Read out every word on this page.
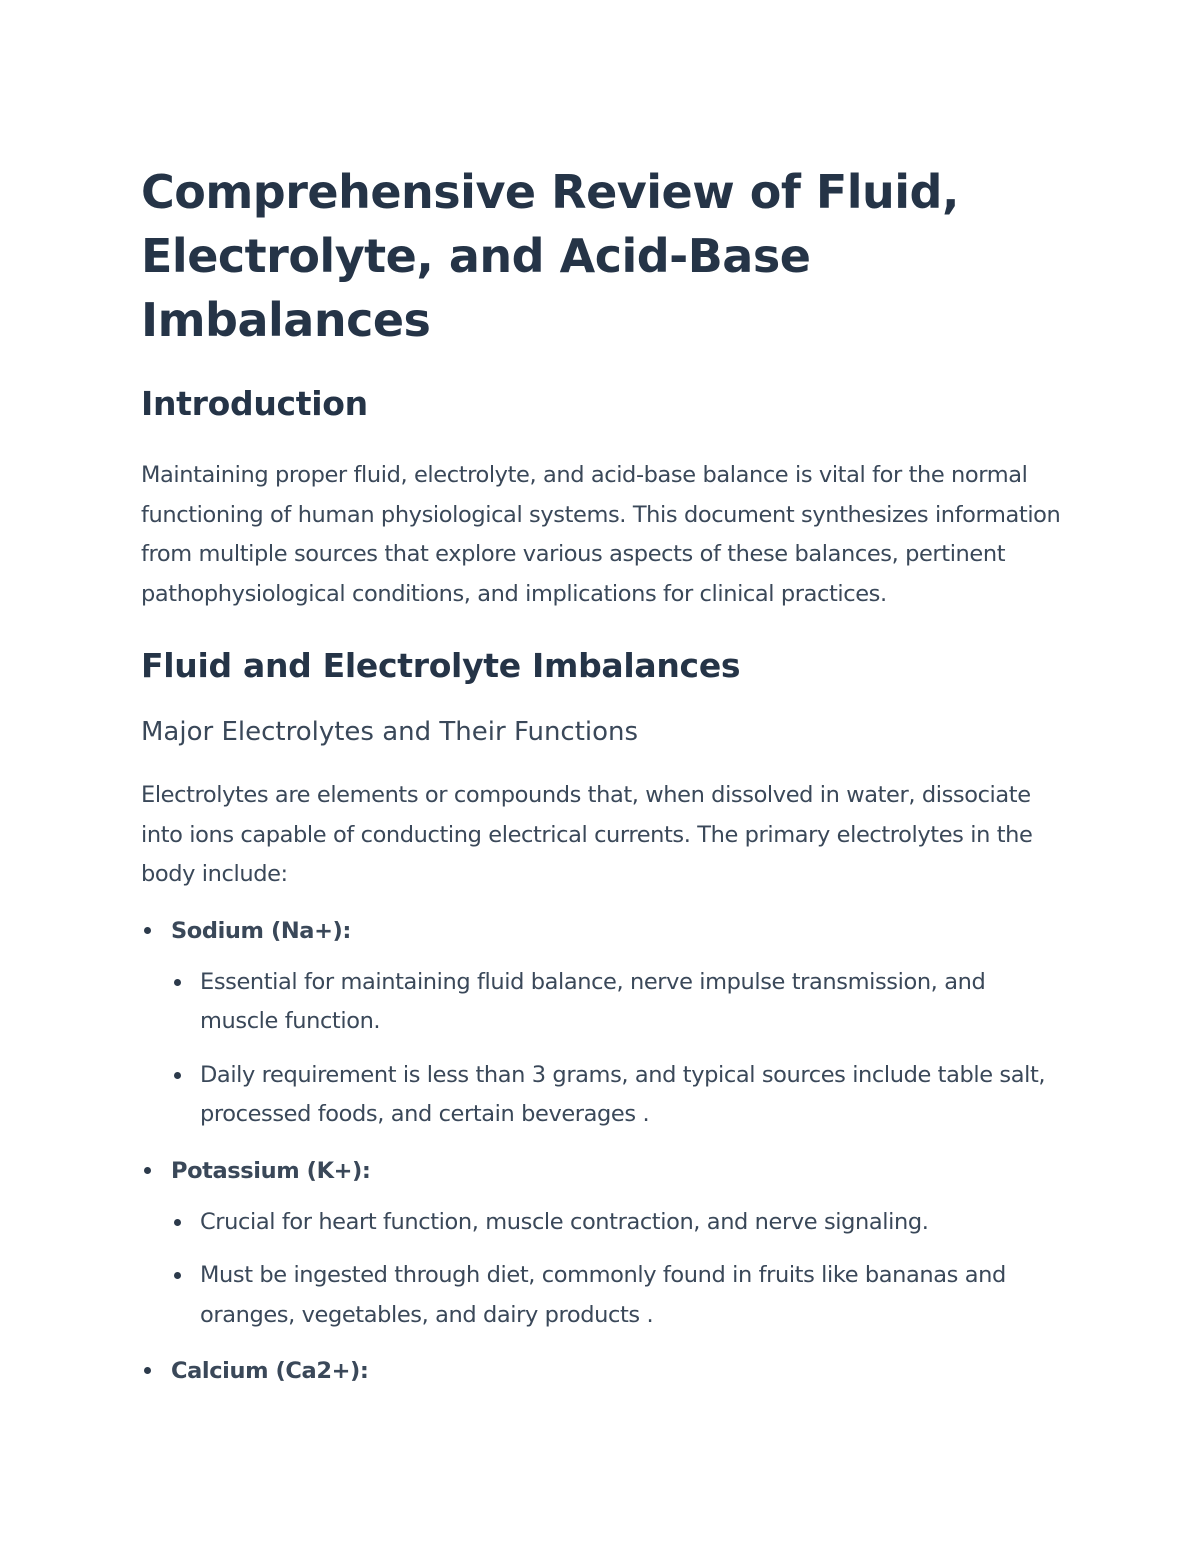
Comprehensive Review of Fluid, Electrolyte, and Acid-Base Imbalances
Introduction

Maintaining proper fluid, electrolyte, and acid-base balance is vital for the normal functioning of human physiological systems. This document synthesizes information from multiple sources that explore various aspects of these balances, pertinent pathophysiological conditions, and implications for clinical practices.

Fluid and Electrolyte Imbalances
Major Electrolytes and Their Functions

Electrolytes are elements or compounds that, when dissolved in water, dissociate into ions capable of conducting electrical currents. The primary electrolytes in the body include:

Sodium (Na+):
Essential for maintaining fluid balance, nerve impulse transmission, and muscle function.
Daily requirement is less than 3 grams, and typical sources include table salt, processed foods, and certain beverages .
Potassium (K+):
Crucial for heart function, muscle contraction, and nerve signaling.
Must be ingested through diet, commonly found in fruits like bananas and oranges, vegetables, and dairy products .
Calcium (Ca2+):
